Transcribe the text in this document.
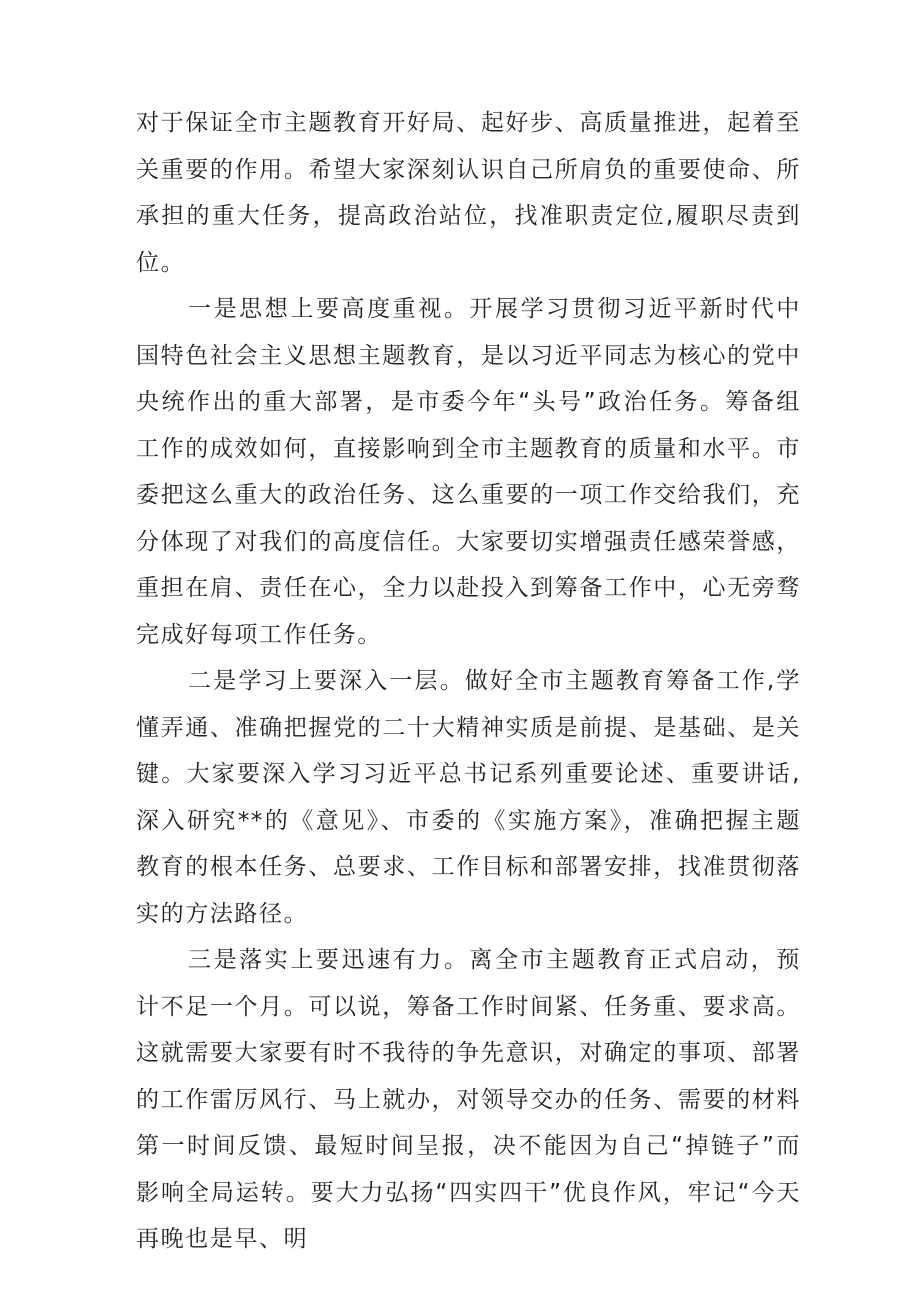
对于保证全市主题教育开好局、起好步、高质量推进，起着至关重要的作用。希望大家深刻认识自己所肩负的重要使命、所承担的重大任务，提高政治站位，找准职责定位,履职尽责到位。

一是思想上要高度重视。开展学习贯彻习近平新时代中国特色社会主义思想主题教育，是以习近平同志为核心的党中央统作出的重大部署，是市委今年“头号”政治任务。筹备组工作的成效如何，直接影响到全市主题教育的质量和水平。市委把这么重大的政治任务、这么重要的一项工作交给我们，充分体现了对我们的高度信任。大家要切实增强责任感荣誉感，重担在肩、责任在心，全力以赴投入到筹备工作中，心无旁骛完成好每项工作任务。

二是学习上要深入一层。做好全市主题教育筹备工作,学懂弄通、准确把握党的二十大精神实质是前提、是基础、是关键。大家要深入学习习近平总书记系列重要论述、重要讲话,深入研究**的《意见》、市委的《实施方案》，准确把握主题教育的根本任务、总要求、工作目标和部署安排，找准贯彻落实的方法路径。

三是落实上要迅速有力。离全市主题教育正式启动，预计不足一个月。可以说，筹备工作时间紧、任务重、要求高。这就需要大家要有时不我待的争先意识，对确定的事项、部署的工作雷厉风行、马上就办，对领导交办的任务、需要的材料第一时间反馈、最短时间呈报，决不能因为自己“掉链子”而影响全局运转。要大力弘扬“四实四干”优良作风，牢记“今天再晚也是早、明
